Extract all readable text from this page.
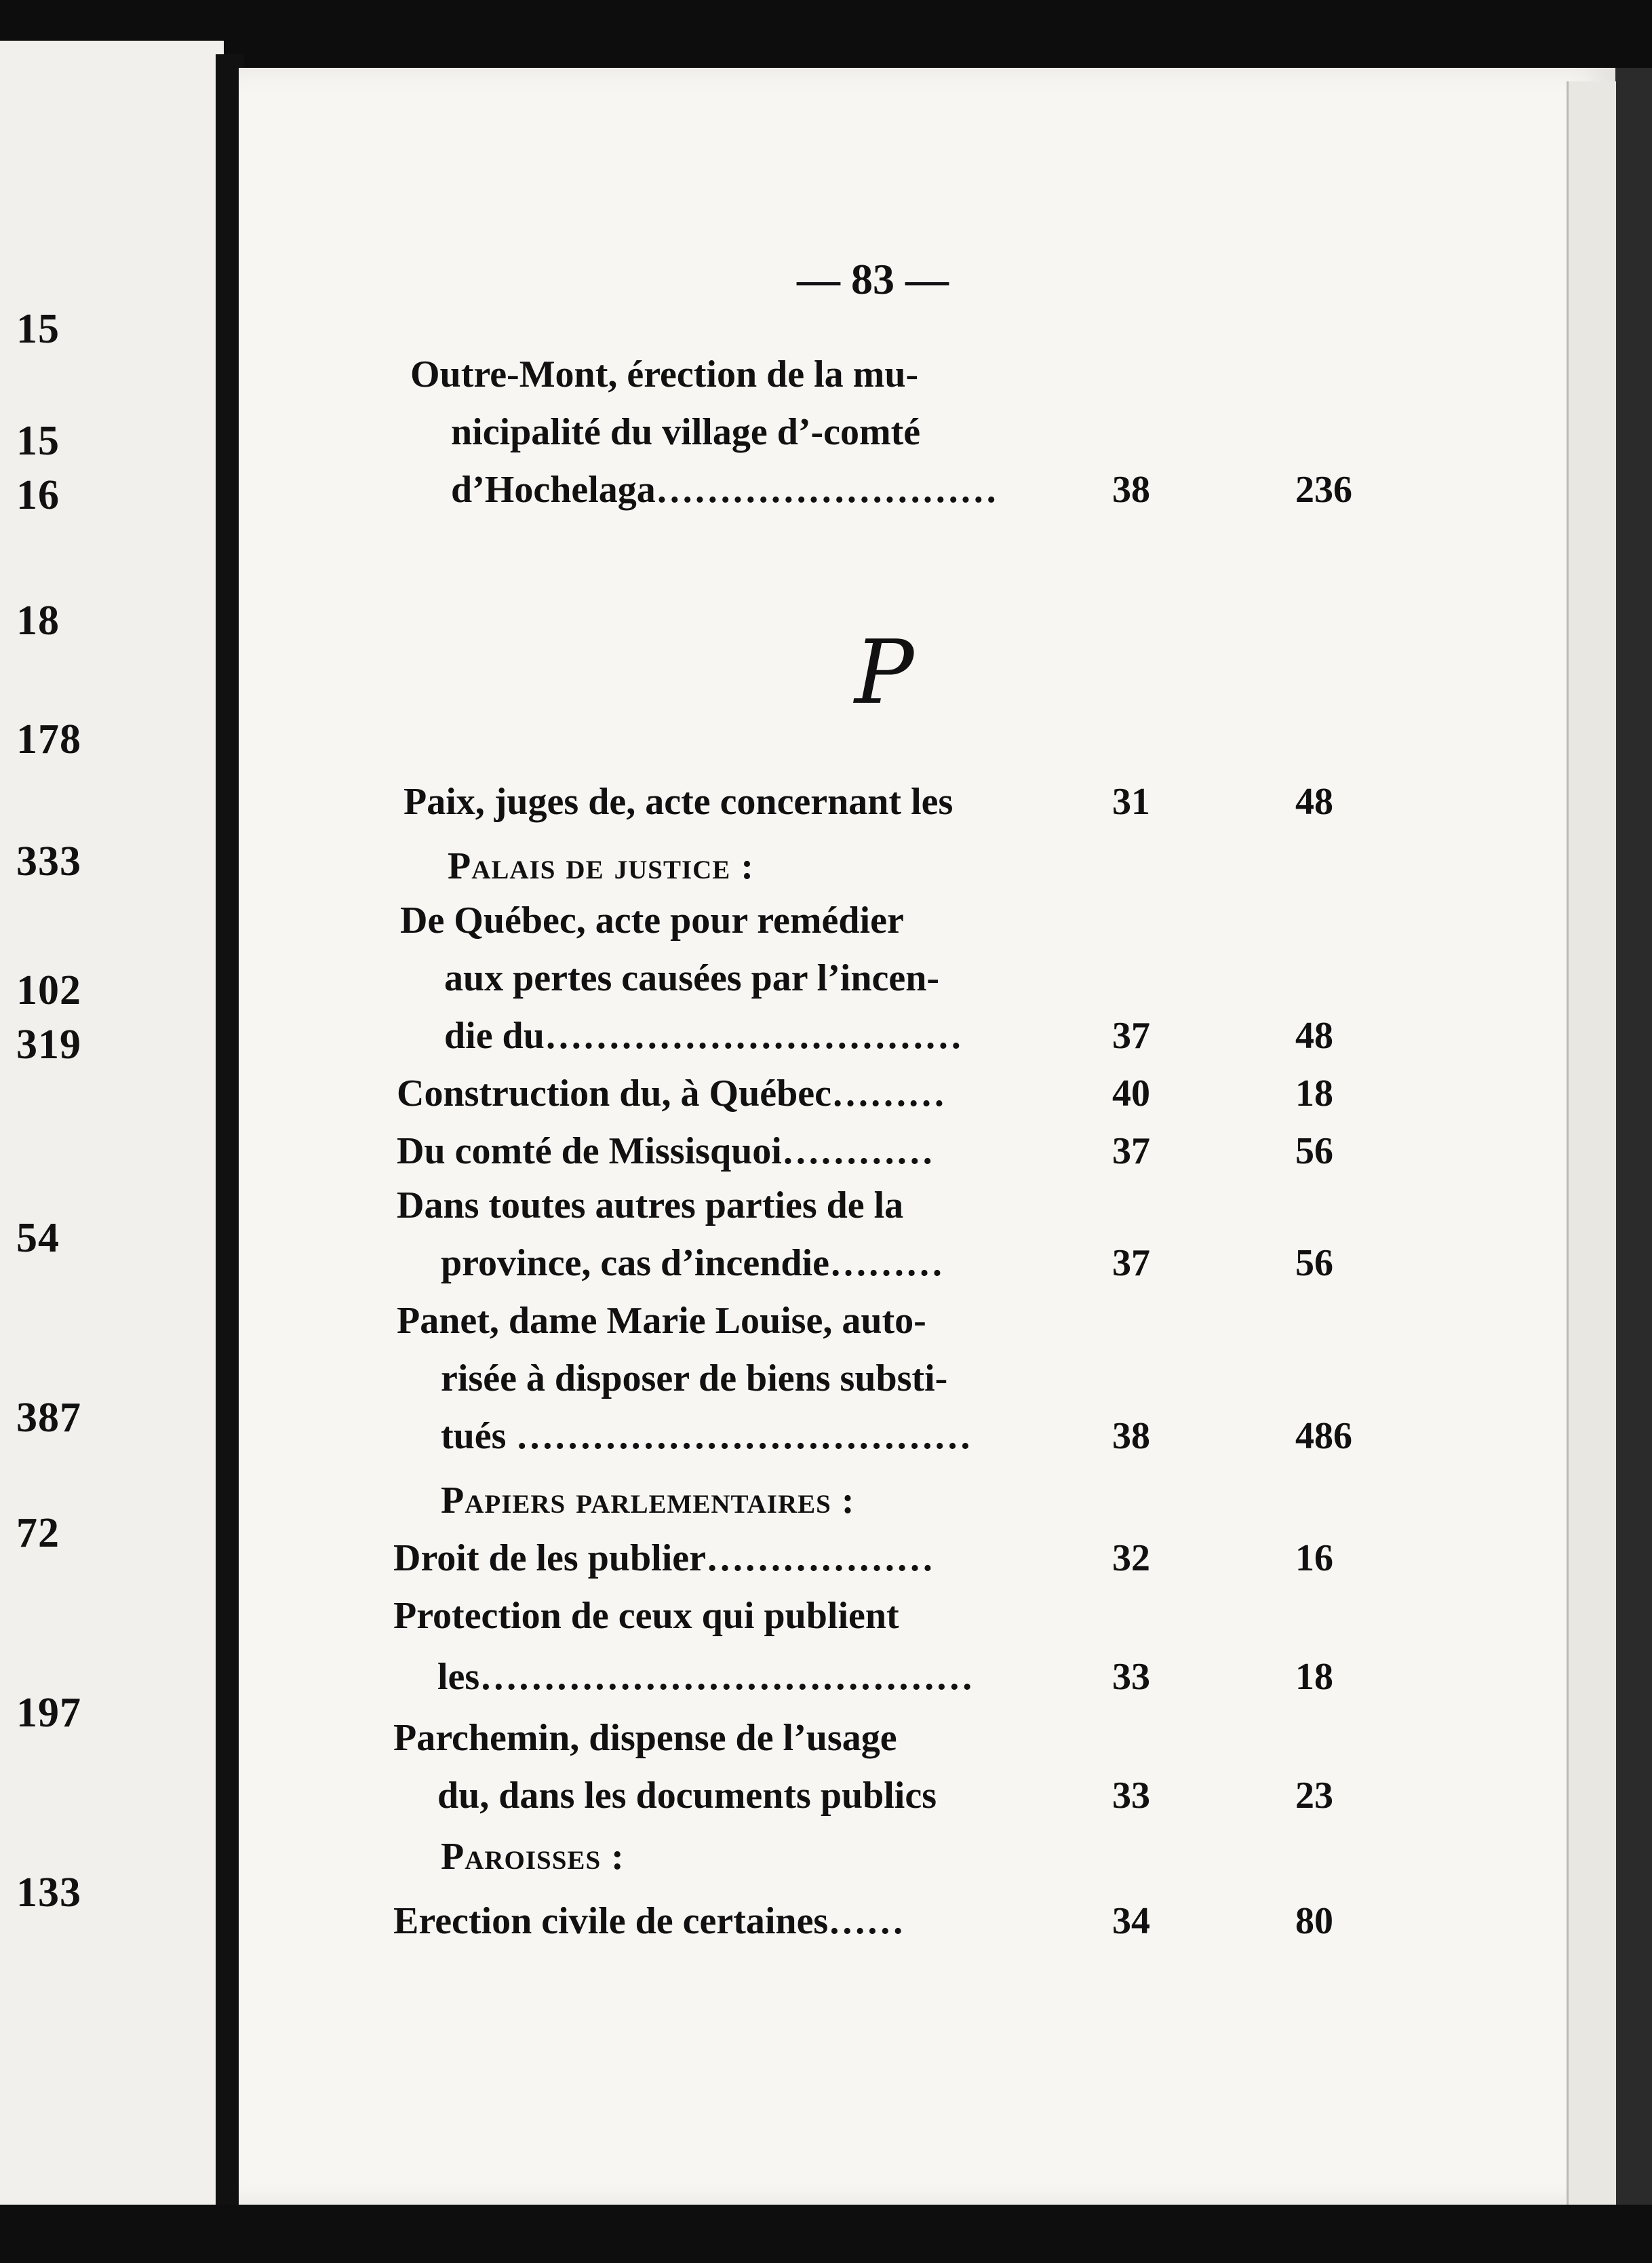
15
15
16
18
178
333
102
319
54
387
72
197
133
— 83 —
P
Outre-Mont, érection de la mu-
nicipalité du village d’-comté
d’Hochelaga………………………	38	236
Paix, juges de, acte concernant les	31	48
Palais de justice :
De Québec, acte pour remédier
aux pertes causées par l’incen-
die du……………………………	37	48
Construction du, à Québec………	40	18
Du comté de Missisquoi…………	37	56
Dans toutes autres parties de la
province, cas d’incendie………	37	56
Panet, dame Marie Louise, auto-
risée à disposer de biens substi-
tués ………………………………	38	486
Papiers parlementaires :
Droit de les publier………………	32	16
Protection de ceux qui publient
les…………………………………	33	18
Parchemin, dispense de l’usage
du, dans les documents publics	33	23
Paroisses :
Erection civile de certaines……	34	80
